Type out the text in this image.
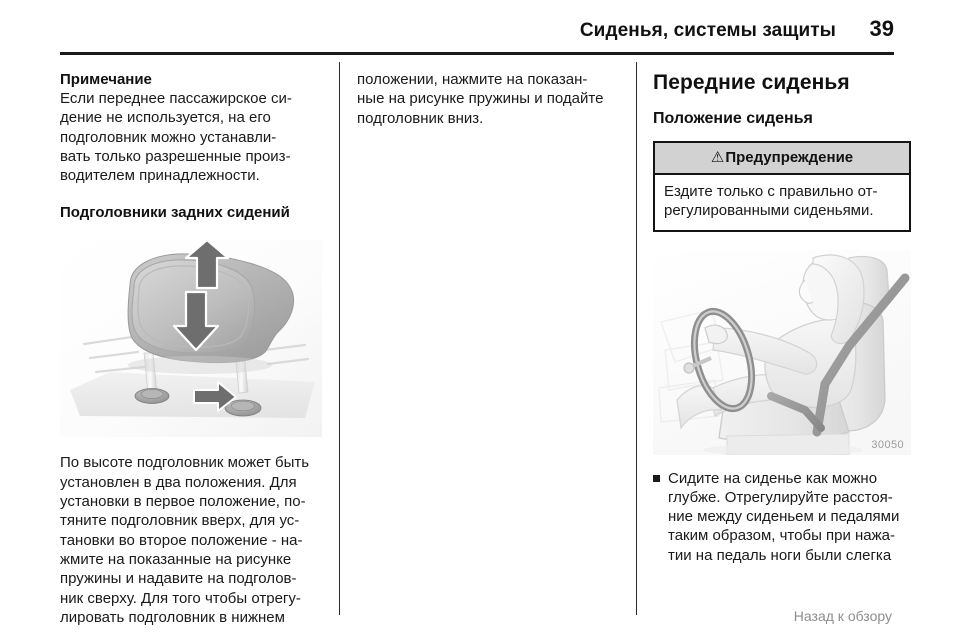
Сиденья, системы защиты	39
Примечание

Если переднее пассажирское си-
дение не используется, на его
подголовник можно устанавли-
вать только разрешенные произ-
водителем принадлежности.

Подголовники задних сидений

По высоте подголовник может быть
установлен в два положения. Для
установки в первое положение, по-
тяните подголовник вверх, для ус-
тановки во второе положение - на-
жмите на показанные на рисунке
пружины и надавите на подголов-
ник сверху. Для того чтобы отрегу-
лировать подголовник в нижнем

положении, нажмите на показан-
ные на рисунке пружины и подайте
подголовник вниз.

Передние сиденья
Положение сиденья
⚠ Предупреждение
Ездите только с правильно от-
регулированными сиденьями.
30050
Сидите на сиденье как можно
глубже. Отрегулируйте расстоя-
ние между сиденьем и педалями
таким образом, чтобы при нажа-
тии на педаль ноги были слегка
Назад к обзору
